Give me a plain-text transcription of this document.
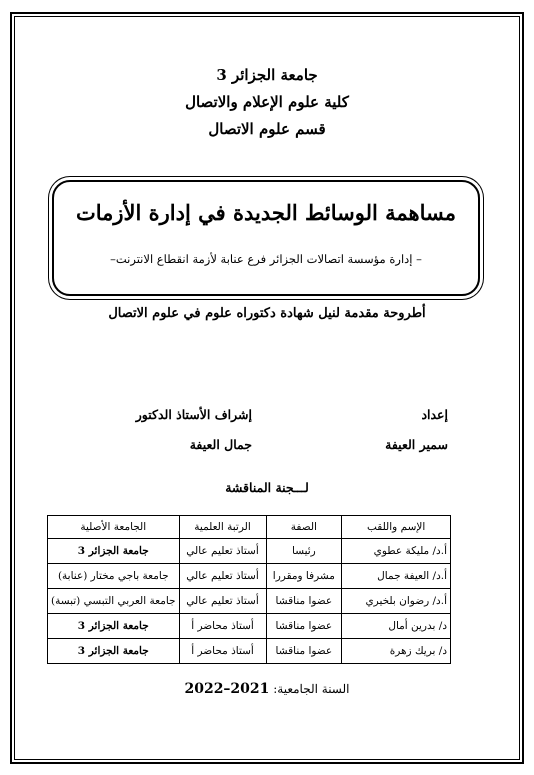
جامعة الجزائر 3
كلية علوم الإعلام والاتصال
قسم علوم الاتصال
مساهمة الوسائط الجديدة في إدارة الأزمات
– إدارة مؤسسة اتصالات الجزائر فرع عنابة لأزمة انقطاع الانترنت–
أطروحة مقدمة لنيل شهادة دكتوراه علوم في علوم الاتصال
إعداد
سمير العيفة
إشراف الأستاذ الدكتور
جمال العيفة
لـــجنة المناقشة
الإسم واللقب	الصفة	الرتبة العلمية	الجامعة الأصلية
أ.د/ مليكة عطوي	رئيسا	أستاذ تعليم عالي	جامعة الجزائر 3
أ.د/ العيفة جمال	مشرفا ومقررا	أستاذ تعليم عالي	جامعة باجي مختار (عنابة)
أ.د/ رضوان بلخيري	عضوا مناقشا	أستاذ تعليم عالي	جامعة العربي التبسي (تبسة)
د/ بدرين أمال	عضوا مناقشا	أستاذ محاضر أ	جامعة الجزائر 3
د/ بريك زهرة	عضوا مناقشا	أستاذ محاضر أ	جامعة الجزائر 3
السنة الجامعية: 2022–2021
